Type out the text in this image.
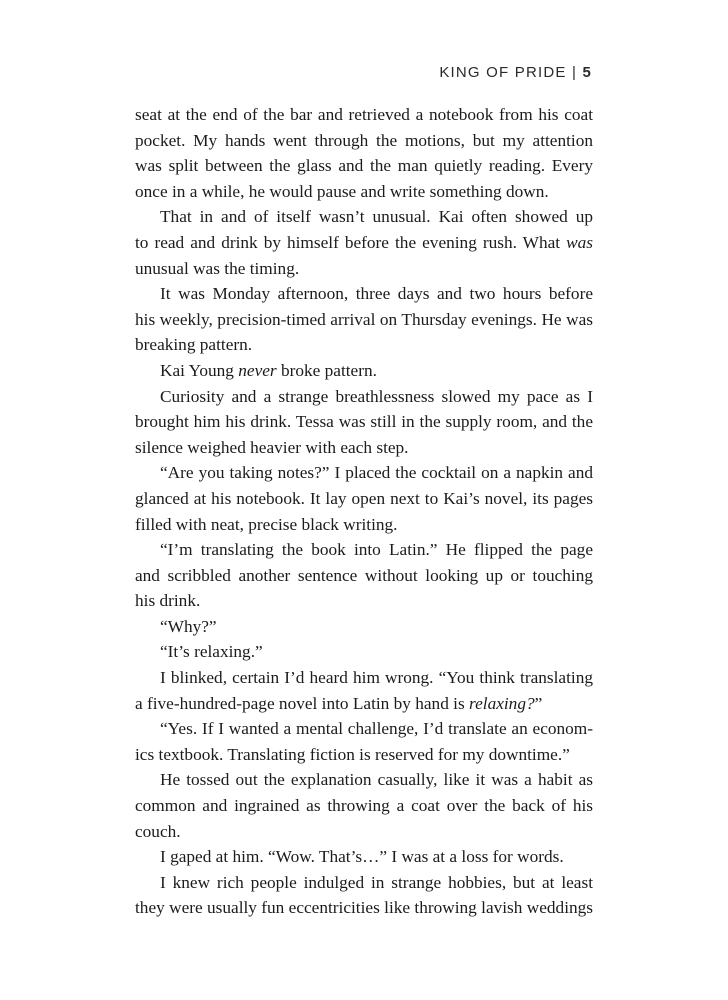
KING OF PRIDE | 5
seat at the end of the bar and retrieved a notebook from his coat
pocket. My hands went through the motions, but my attention
was split between the glass and the man quietly reading. Every
once in a while, he would pause and write something down.
That in and of itself wasn’t unusual. Kai often showed up
to read and drink by himself before the evening rush. What was
unusual was the timing.
It was Monday afternoon, three days and two hours before
his weekly, precision-timed arrival on Thursday evenings. He was
breaking pattern.
Kai Young never broke pattern.
Curiosity and a strange breathlessness slowed my pace as I
brought him his drink. Tessa was still in the supply room, and the
silence weighed heavier with each step.
“Are you taking notes?” I placed the cocktail on a napkin and
glanced at his notebook. It lay open next to Kai’s novel, its pages
filled with neat, precise black writing.
“I’m translating the book into Latin.” He flipped the page
and scribbled another sentence without looking up or touching
his drink.
“Why?”
“It’s relaxing.”
I blinked, certain I’d heard him wrong. “You think translating
a five-hundred-page novel into Latin by hand is relaxing?”
“Yes. If I wanted a mental challenge, I’d translate an econom-
ics textbook. Translating fiction is reserved for my downtime.”
He tossed out the explanation casually, like it was a habit as
common and ingrained as throwing a coat over the back of his
couch.
I gaped at him. “Wow. That’s…” I was at a loss for words.
I knew rich people indulged in strange hobbies, but at least
they were usually fun eccentricities like throwing lavish weddings
